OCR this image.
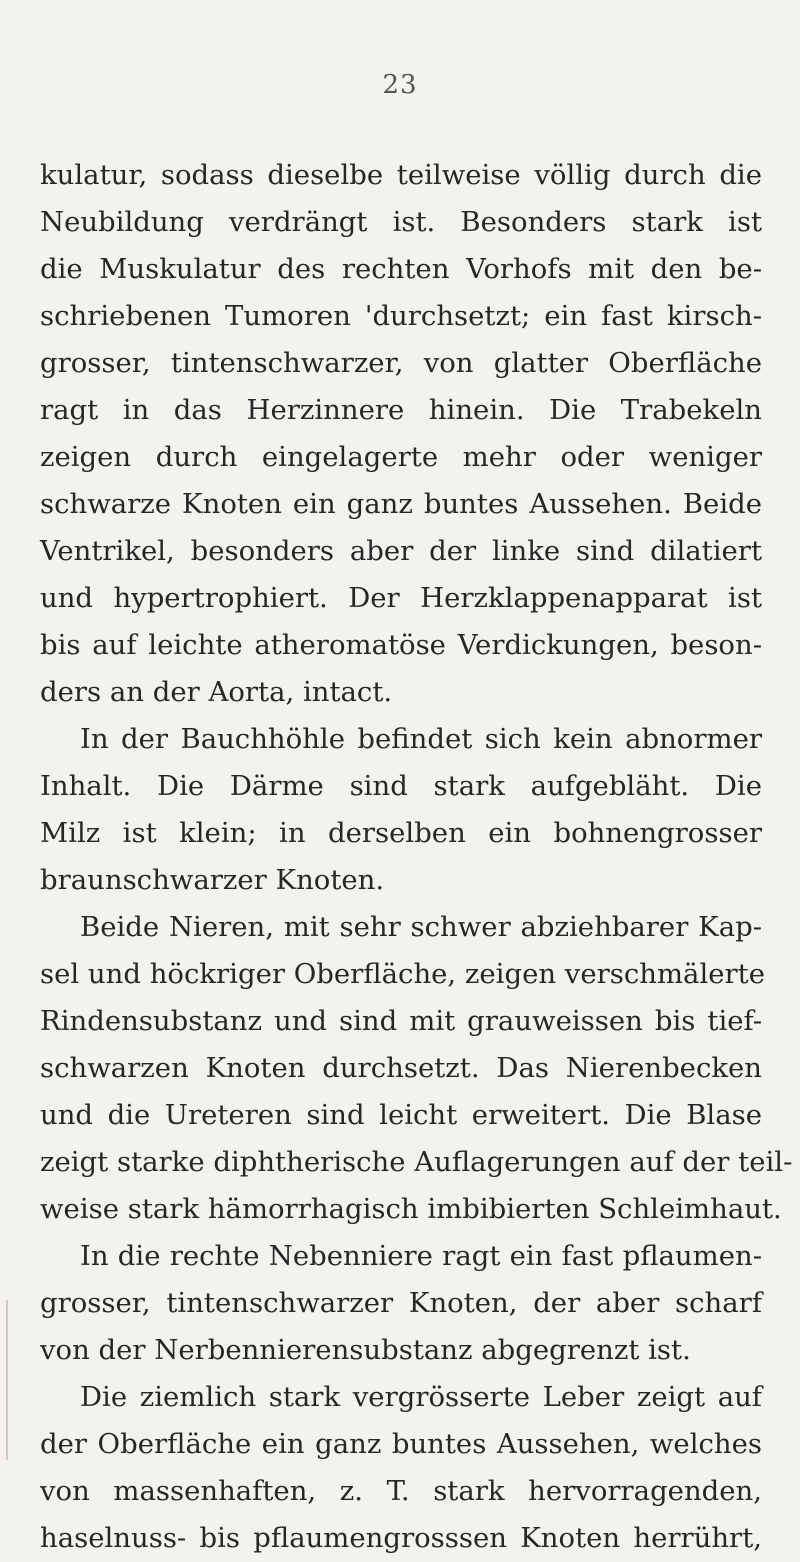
23
kulatur, sodass dieselbe teilweise völlig durch die
Neubildung verdrängt ist. Besonders stark ist
die Muskulatur des rechten Vorhofs mit den be-
schriebenen Tumoren 'durchsetzt; ein fast kirsch-
grosser, tintenschwarzer, von glatter Oberfläche
ragt in das Herzinnere hinein. Die Trabekeln
zeigen durch eingelagerte mehr oder weniger
schwarze Knoten ein ganz buntes Aussehen. Beide
Ventrikel, besonders aber der linke sind dilatiert
und hypertrophiert. Der Herzklappenapparat ist
bis auf leichte atheromatöse Verdickungen, beson-
ders an der Aorta, intact.
In der Bauchhöhle befindet sich kein abnormer
Inhalt. Die Därme sind stark aufgebläht. Die
Milz ist klein; in derselben ein bohnengrosser
braunschwarzer Knoten.
Beide Nieren, mit sehr schwer abziehbarer Kap-
sel und höckriger Oberfläche, zeigen verschmälerte
Rindensubstanz und sind mit grauweissen bis tief-
schwarzen Knoten durchsetzt. Das Nierenbecken
und die Ureteren sind leicht erweitert. Die Blase
zeigt starke diphtherische Auflagerungen auf der teil-
weise stark hämorrhagisch imbibierten Schleimhaut.
In die rechte Nebenniere ragt ein fast pflaumen-
grosser, tintenschwarzer Knoten, der aber scharf
von der Nerbennierensubstanz abgegrenzt ist.
Die ziemlich stark vergrösserte Leber zeigt auf
der Oberfläche ein ganz buntes Aussehen, welches
von massenhaften, z. T. stark hervorragenden,
haselnuss- bis pflaumengrosssen Knoten herrührt,
